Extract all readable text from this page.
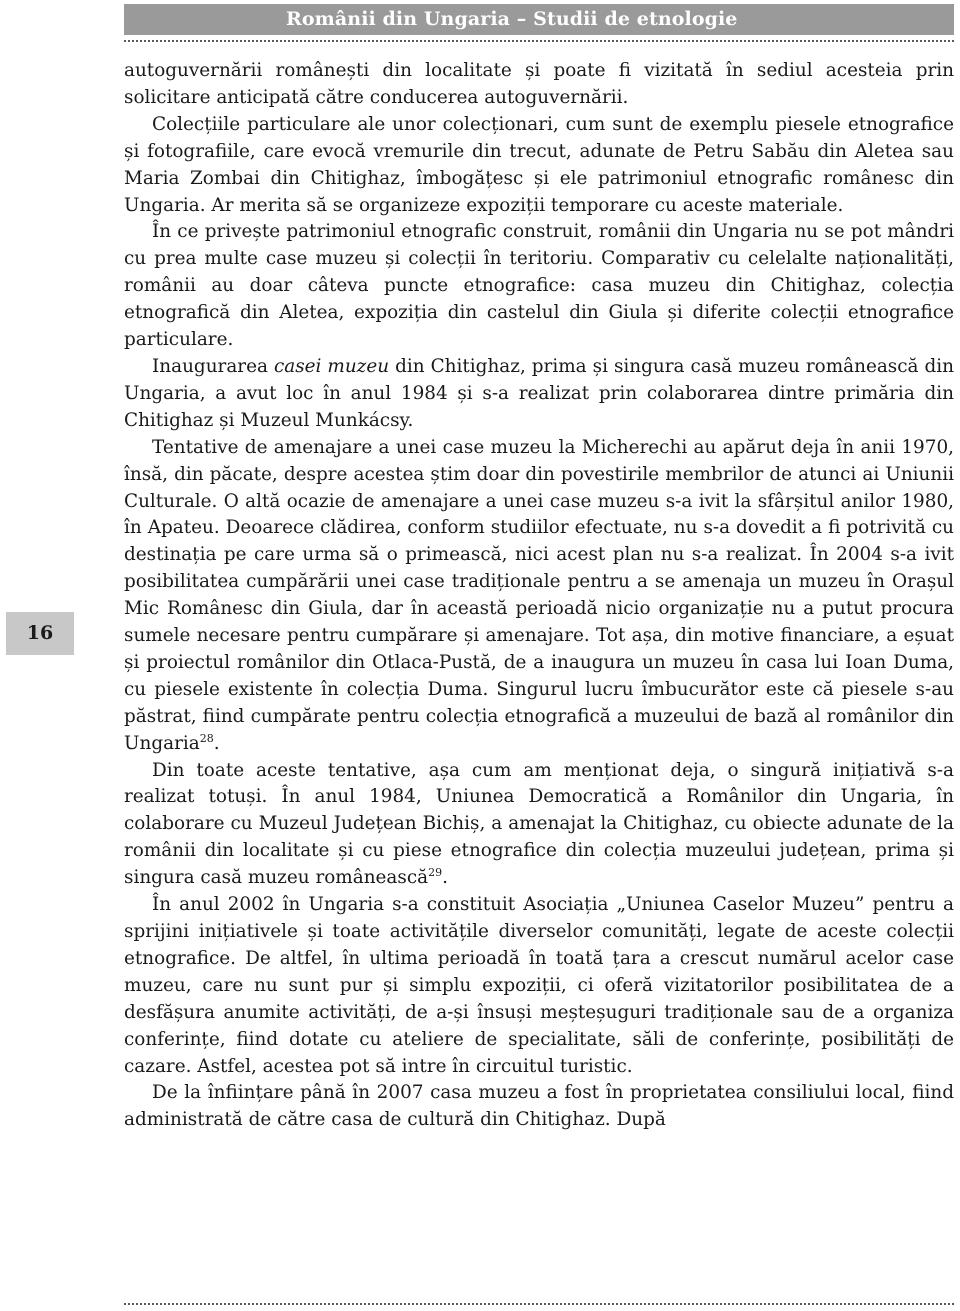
Românii din Ungaria – Studii de etnologie
16

autoguvernării românești din localitate și poate fi vizitată în sediul acesteia prin solicitare anticipată către conducerea autoguvernării.

Colecțiile particulare ale unor colecționari, cum sunt de exemplu piesele etnografice și fotografiile, care evocă vremurile din trecut, adunate de Petru Sabău din Aletea sau Maria Zombai din Chitighaz, îmbogățesc și ele patrimoniul etnografic românesc din Ungaria. Ar merita să se organizeze expoziții temporare cu aceste materiale.

În ce privește patrimoniul etnografic construit, românii din Ungaria nu se pot mândri cu prea multe case muzeu și colecții în teritoriu. Comparativ cu celelalte naționalități, românii au doar câteva puncte etnografice: casa muzeu din Chitighaz, colecția etnografică din Aletea, expoziția din castelul din Giula și diferite colecții etnografice particulare.

Inaugurarea casei muzeu din Chitighaz, prima și singura casă muzeu românească din Ungaria, a avut loc în anul 1984 și s-a realizat prin colaborarea dintre primăria din Chitighaz și Muzeul Munkácsy.

Tentative de amenajare a unei case muzeu la Micherechi au apărut deja în anii 1970, însă, din păcate, despre acestea știm doar din povestirile membrilor de atunci ai Uniunii Culturale. O altă ocazie de amenajare a unei case muzeu s-a ivit la sfârșitul anilor 1980, în Apateu. Deoarece clădirea, conform studiilor efectuate, nu s-a dovedit a fi potrivită cu destinația pe care urma să o primească, nici acest plan nu s-a realizat. În 2004 s-a ivit posibilitatea cumpărării unei case tradiționale pentru a se amenaja un muzeu în Orașul Mic Românesc din Giula, dar în această perioadă nicio organizație nu a putut procura sumele necesare pentru cumpărare și amenajare. Tot așa, din motive financiare, a eșuat și proiectul românilor din Otlaca-Pustă, de a inaugura un muzeu în casa lui Ioan Duma, cu piesele existente în colecția Duma. Singurul lucru îmbucurător este că piesele s-au păstrat, fiind cumpărate pentru colecția etnografică a muzeului de bază al românilor din Ungaria$^{28}$.

Din toate aceste tentative, așa cum am menționat deja, o singură inițiativă s-a realizat totuși. În anul 1984, Uniunea Democratică a Românilor din Ungaria, în colaborare cu Muzeul Județean Bichiș, a amenajat la Chitighaz, cu obiecte adunate de la românii din localitate și cu piese etnografice din colecția muzeului județean, prima și singura casă muzeu românească$^{29}$.

În anul 2002 în Ungaria s-a constituit Asociația „Uniunea Caselor Muzeu” pentru a sprijini inițiativele și toate activitățile diverselor comunități, legate de aceste colecții etnografice. De altfel, în ultima perioadă în toată țara a crescut numărul acelor case muzeu, care nu sunt pur și simplu expoziții, ci oferă vizitatorilor posibilitatea de a desfășura anumite activități, de a-și însuși meșteșuguri tradiționale sau de a organiza conferințe, fiind dotate cu ateliere de specialitate, săli de conferințe, posibilități de cazare. Astfel, acestea pot să intre în circuitul turistic.

De la înființare până în 2007 casa muzeu a fost în proprietatea consiliului local, fiind administrată de către casa de cultură din Chitighaz. După
